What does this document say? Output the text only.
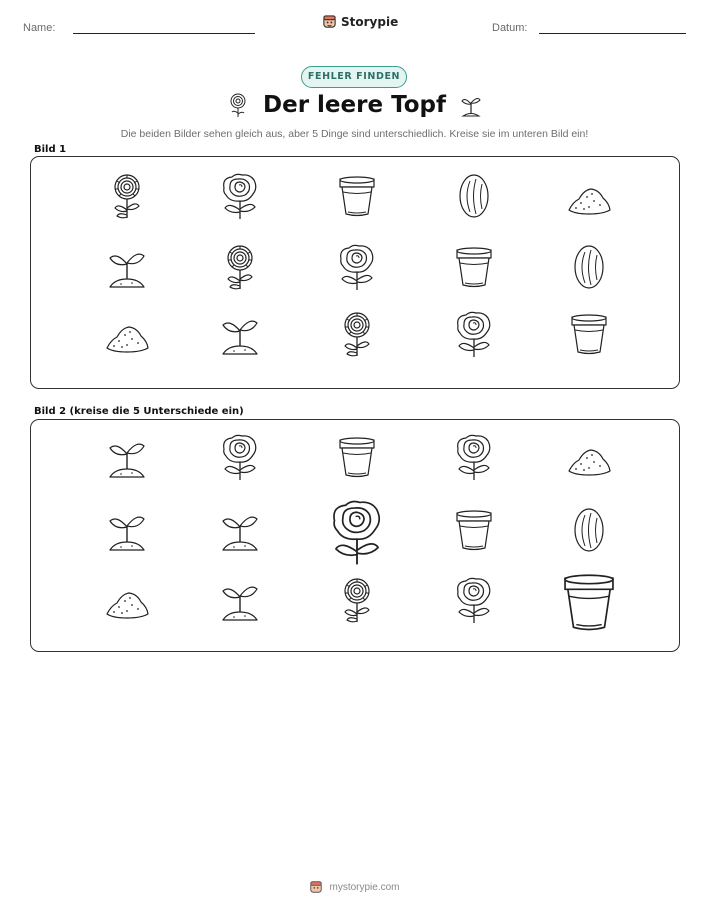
Name:	Storypie	Datum:
FEHLER FINDEN
Der leere Topf
Die beiden Bilder sehen gleich aus, aber 5 Dinge sind unterschiedlich. Kreise sie im unteren Bild ein!
Bild 1
Bild 2 (kreise die 5 Unterschiede ein)
mystorypie.com
